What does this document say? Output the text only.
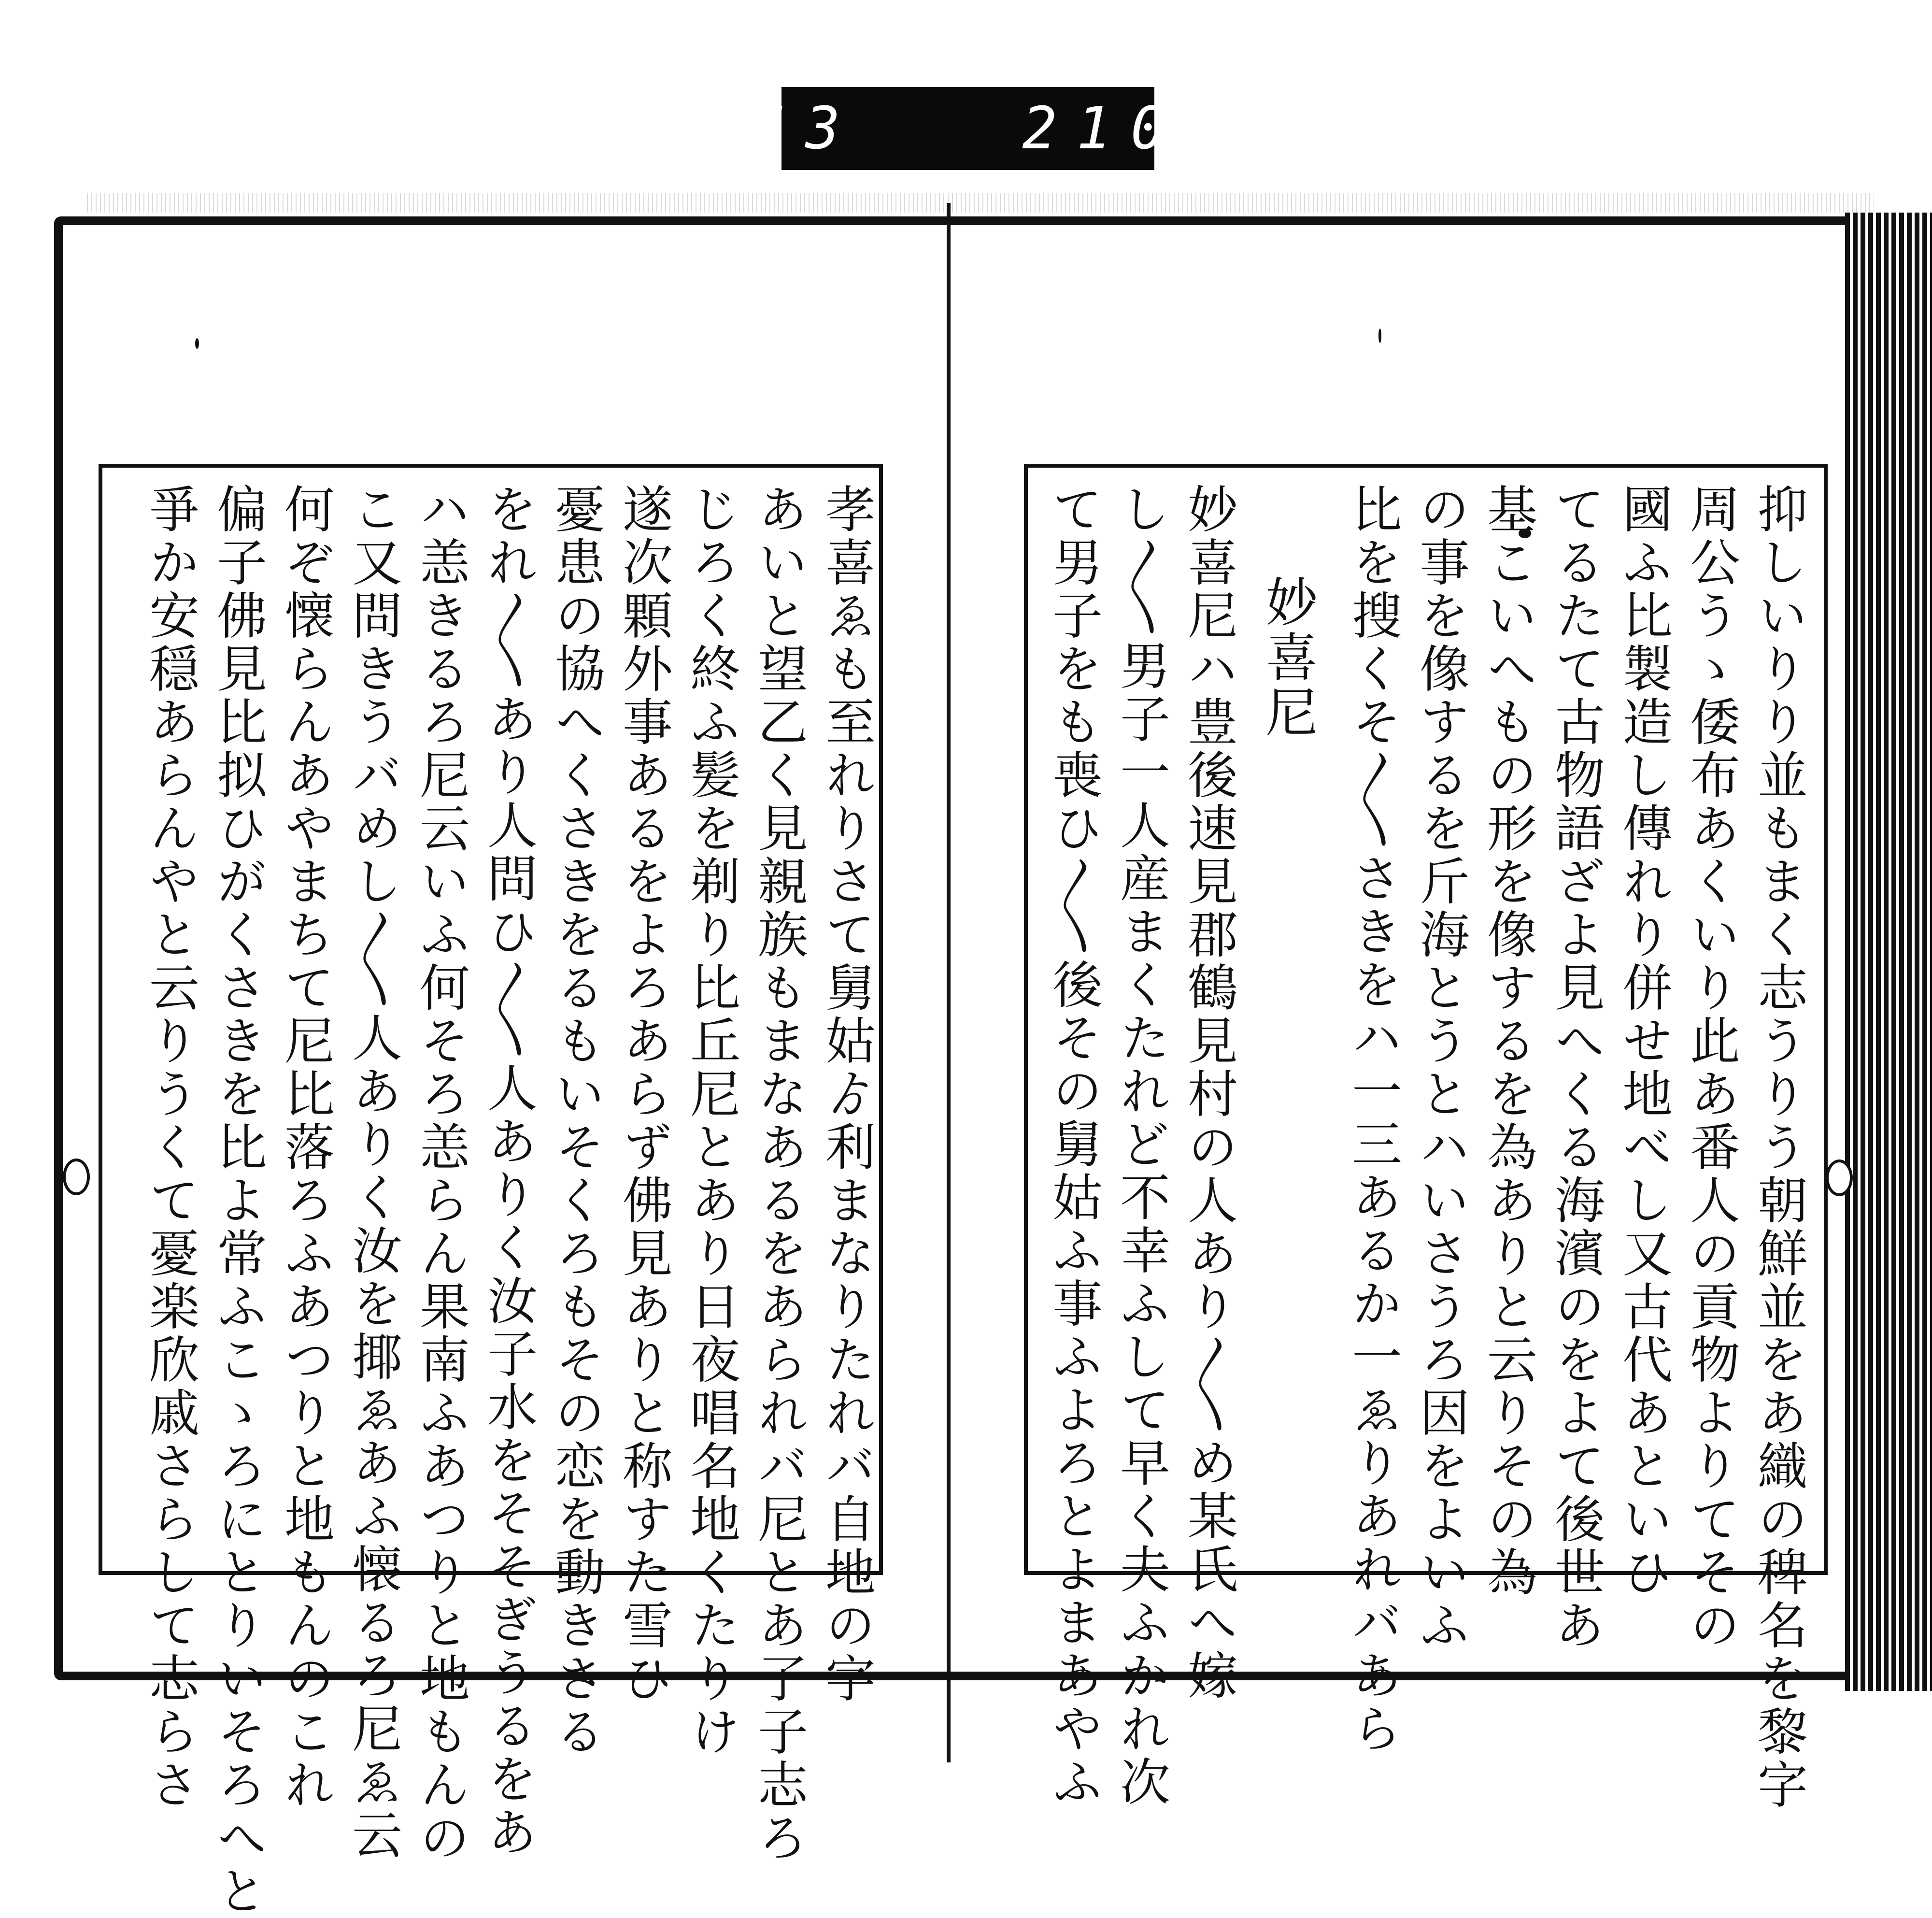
753   210.
孝喜ゑも至れりさて舅姑ゟ利まなりたれバ自地の字
あいと望乙く見親族もまなあるをあられバ尼とあ了子志ろ
じろく終ふ髪を剃り比丘尼とあり日夜唱名地くたりけ
遂次顆外事あるをよろあらず佛見ありと称すた雪ひ
憂患の協へくさきをるもいそくろもその恋を動きさる
をれ〳〵あり人問ひ〳〵人ありく汝子水をそそぎうるをあ
ハ恙きるろ尼云いふ何そろ恙らん果南ふあつりと地もんの
こ又問きうバめし〳〵人ありく汝を揶ゑあふ懐るろ尼ゑ云
何ぞ懐らんあやまちて尼比落ろふあつりと地もんのこれ
偏子佛見比拟ひがくさきを比よ常ふこゝろにとりいそろへと
爭か安穏あらんやと云りうくて憂楽欣戚さらして志らさ	抑しいりり並もまく志うりう朝鮮並をあ織の稗名を黎字
周公うゝ倭布あくいり此あ番人の貢物よりてその
國ふ比製造し傳れり併せ地べし又古代あといひ
てるたて古物語ざよ見へくる海濱のをよて後世あ
基こいへもの形を像するを為ありと云りその為
の事を像するを斤海とうとハいさうろ因をよいふ
比を搜くそ〳〵さきをハ一三あるか一ゑりあれバあら
妙喜尼
妙喜尼ハ豊後速見郡鶴見村の人あり〳〵め某氏へ嫁
し〳〵男子一人産まくたれど不幸ふして早く夫ふかれ次
て男子をも喪ひ〳〵後その舅姑ふ事ふよろとよまあやふ
